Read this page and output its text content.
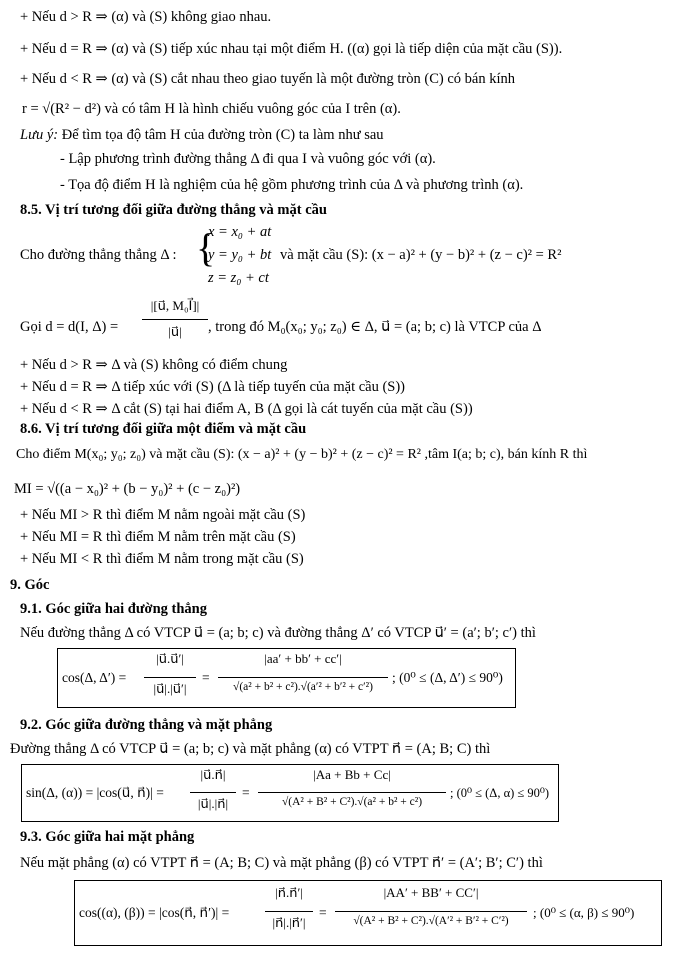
+ Nếu d > R ⇒ (α) và (S) không giao nhau.
+ Nếu d = R ⇒ (α) và (S) tiếp xúc nhau tại một điểm H. ((α) gọi là tiếp diện của mặt cầu (S)).
+ Nếu d < R ⇒ (α) và (S) cắt nhau theo giao tuyến là một đường tròn (C) có bán kính
r = √(R² − d²) và có tâm H là hình chiếu vuông góc của I trên (α).
Lưu ý: Để tìm tọa độ tâm H của đường tròn (C) ta làm như sau
- Lập phương trình đường thẳng Δ đi qua I và vuông góc với (α).
- Tọa độ điểm H là nghiệm của hệ gồm phương trình của Δ và phương trình (α).
8.5. Vị trí tương đối giữa đường thẳng và mặt cầu
Cho đường thẳng thẳng Δ : {
x = x₀ + at
y = y₀ + bt
z = z₀ + ct
và mặt cầu (S): (x − a)² + (y − b)² + (z − c)² = R²
Gọi d = d(I, Δ) =
|[u⃗, M₀I⃗]|
|u⃗|	, trong đó M₀(x₀; y₀; z₀) ∈ Δ, u⃗ = (a; b; c) là VTCP của Δ
+ Nếu d > R ⇒ Δ và (S) không có điểm chung
+ Nếu d = R ⇒ Δ tiếp xúc với (S) (Δ là tiếp tuyến của mặt cầu (S))
+ Nếu d < R ⇒ Δ cắt (S) tại hai điểm A, B (Δ gọi là cát tuyến của mặt cầu (S))
8.6. Vị trí tương đối giữa một điểm và mặt cầu
Cho điểm M(x₀; y₀; z₀) và mặt cầu (S): (x − a)² + (y − b)² + (z − c)² = R² ,tâm I(a; b; c), bán kính R thì
MI = √((a − x₀)² + (b − y₀)² + (c − z₀)²)
+ Nếu MI > R thì điểm M nằm ngoài mặt cầu (S)
+ Nếu MI = R thì điểm M nằm trên mặt cầu (S)
+ Nếu MI < R thì điểm M nằm trong mặt cầu (S)
9. Góc
9.1. Góc giữa hai đường thẳng
Nếu đường thẳng Δ có VTCP u⃗ = (a; b; c) và đường thẳng Δ′ có VTCP u⃗′ = (a′; b′; c′) thì
cos(Δ, Δ′) =
|u⃗.u⃗′|
|u⃗|.|u⃗′|
=
|aa′ + bb′ + cc′|
√(a² + b² + c²).√(a′² + b′² + c′²)
; (0⁰ ≤ (Δ, Δ′) ≤ 90⁰)
9.2. Góc giữa đường thẳng và mặt phẳng
Đường thẳng Δ có VTCP u⃗ = (a; b; c) và mặt phẳng (α) có VTPT n⃗ = (A; B; C) thì
sin(Δ, (α)) = |cos(u⃗, n⃗)| =
|u⃗.n⃗|
|u⃗|.|n⃗|
=
|Aa + Bb + Cc|
√(A² + B² + C²).√(a² + b² + c²)
; (0⁰ ≤ (Δ, α) ≤ 90⁰)
9.3. Góc giữa hai mặt phẳng
Nếu mặt phẳng (α) có VTPT n⃗ = (A; B; C) và mặt phẳng (β) có VTPT n⃗′ = (A′; B′; C′) thì
cos((α), (β)) = |cos(n⃗, n⃗′)| =
|n⃗.n⃗′|
|n⃗|.|n⃗′|
=
|AA′ + BB′ + CC′|
√(A² + B² + C²).√(A′² + B′² + C′²)
; (0⁰ ≤ (α, β) ≤ 90⁰)
